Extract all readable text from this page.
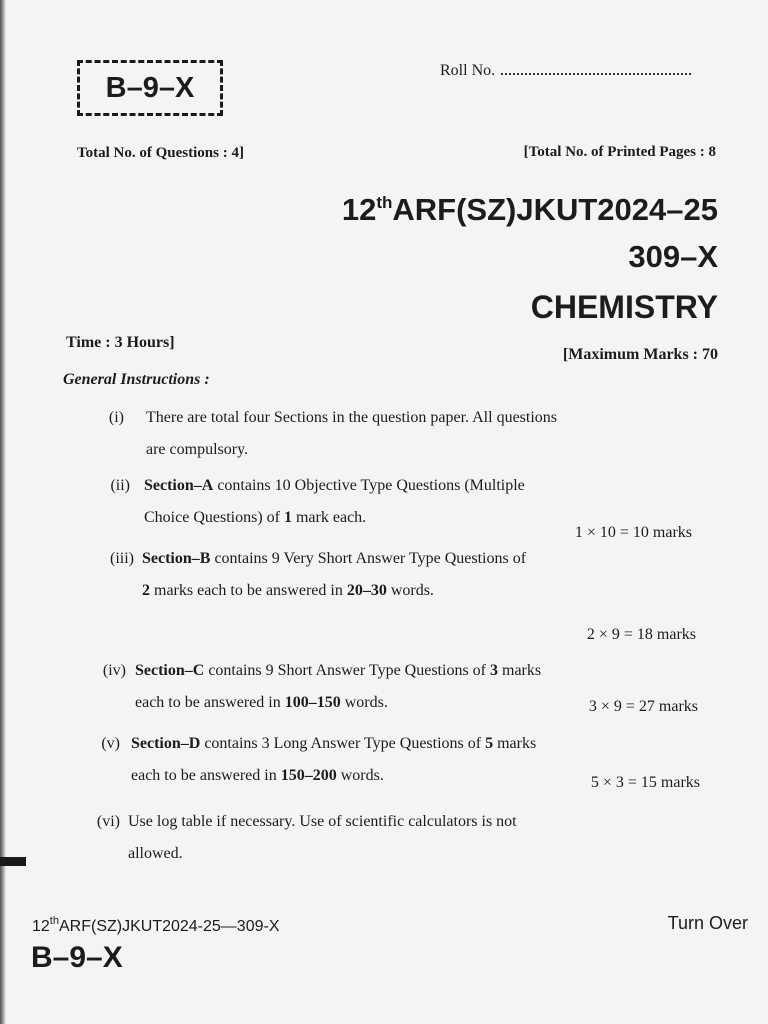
B–9–X
Roll No.
Total No. of Questions : 4]	[Total No. of Printed Pages : 8
12thARF(SZ)JKUT2024–25
309–X
CHEMISTRY
Time : 3 Hours]
[Maximum Marks : 70
General Instructions :
(i) There are total four Sections in the question paper. All questions
are compulsory.
(ii) Section–A contains 10 Objective Type Questions (Multiple
Choice Questions) of 1 mark each.
1 × 10 = 10 marks
(iii) Section–B contains 9 Very Short Answer Type Questions of
2 marks each to be answered in 20–30 words.
2 × 9 = 18 marks
(iv) Section–C contains 9 Short Answer Type Questions of 3 marks
each to be answered in 100–150 words.	3 × 9 = 27 marks
(v) Section–D contains 3 Long Answer Type Questions of 5 marks
each to be answered in 150–200 words.	5 × 3 = 15 marks
(vi) Use log table if necessary. Use of scientific calculators is not
allowed.
12thARF(SZ)JKUT2024-25—309-X	Turn Over
B–9–X
